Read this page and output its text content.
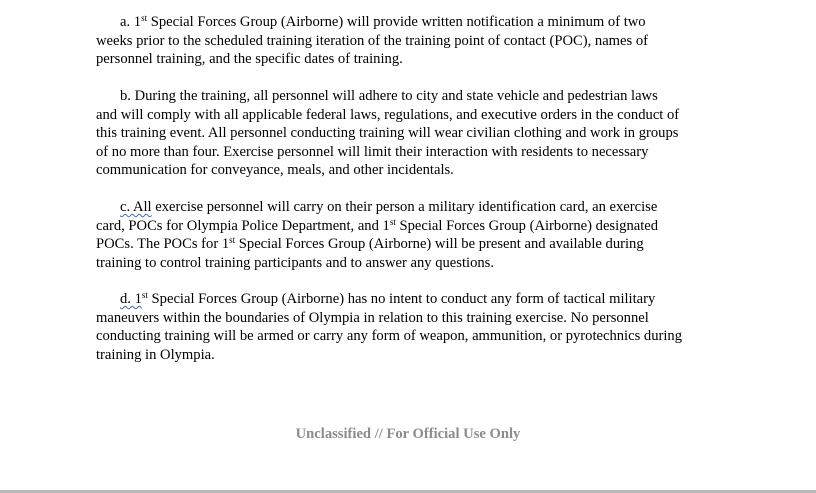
a. 1st Special Forces Group (Airborne) will provide written notification a minimum of two
weeks prior to the scheduled training iteration of the training point of contact (POC), names of
personnel training, and the specific dates of training.
b. During the training, all personnel will adhere to city and state vehicle and pedestrian laws
and will comply with all applicable federal laws, regulations, and executive orders in the conduct of
this training event. All personnel conducting training will wear civilian clothing and work in groups
of no more than four. Exercise personnel will limit their interaction with residents to necessary
communication for conveyance, meals, and other incidentals.
c. All exercise personnel will carry on their person a military identification card, an exercise
card, POCs for Olympia Police Department, and 1st Special Forces Group (Airborne) designated
POCs. The POCs for 1st Special Forces Group (Airborne) will be present and available during
training to control training participants and to answer any questions.
d. 1st Special Forces Group (Airborne) has no intent to conduct any form of tactical military
maneuvers within the boundaries of Olympia in relation to this training exercise. No personnel
conducting training will be armed or carry any form of weapon, ammunition, or pyrotechnics during
training in Olympia.
Unclassified // For Official Use Only
